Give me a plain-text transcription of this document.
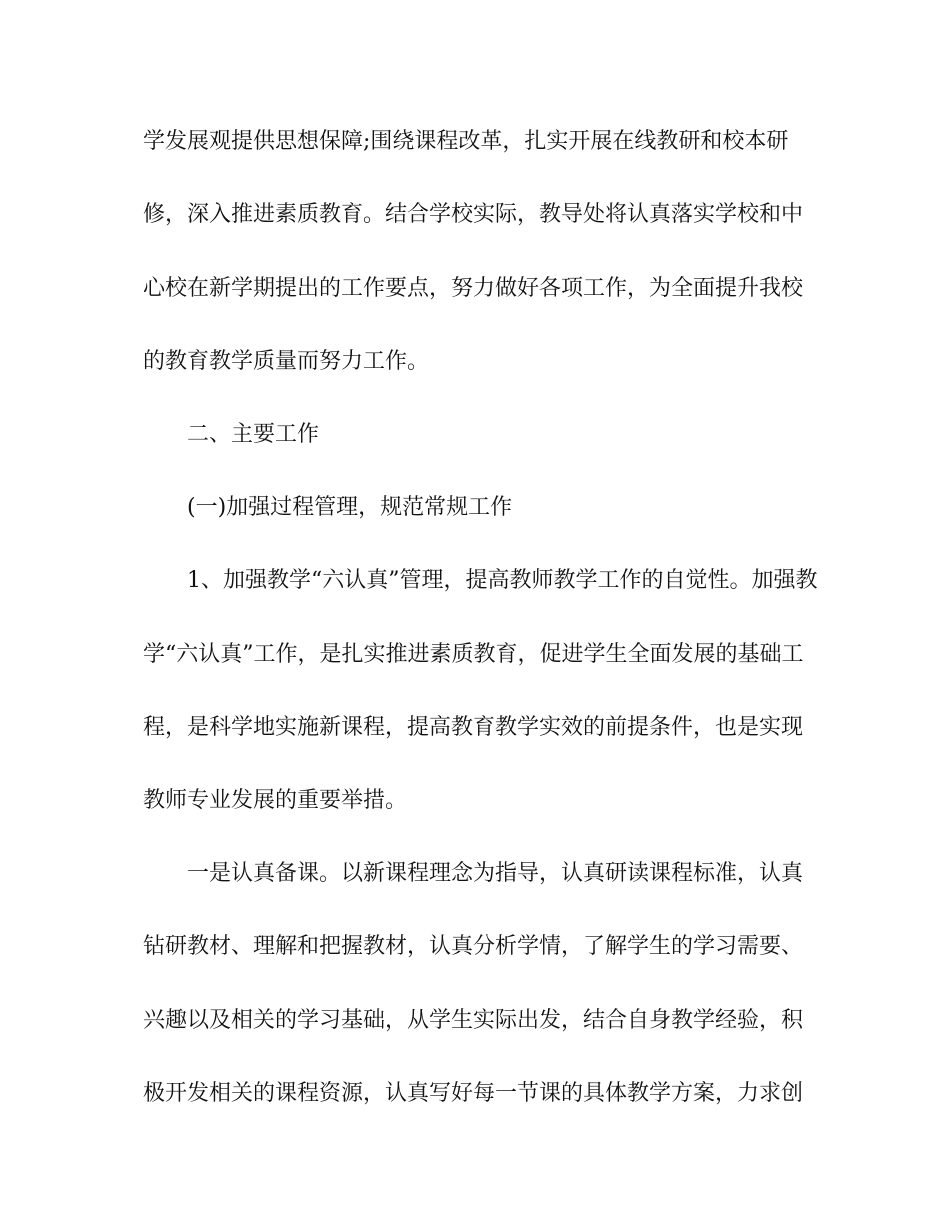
学发展观提供思想保障;围绕课程改革，扎实开展在线教研和校本研
修，深入推进素质教育。结合学校实际，教导处将认真落实学校和中
心校在新学期提出的工作要点，努力做好各项工作，为全面提升我校
的教育教学质量而努力工作。
二、主要工作
(一)加强过程管理，规范常规工作
1、加强教学“六认真”管理，提高教师教学工作的自觉性。加强教
学“六认真”工作，是扎实推进素质教育，促进学生全面发展的基础工
程，是科学地实施新课程，提高教育教学实效的前提条件，也是实现
教师专业发展的重要举措。
一是认真备课。以新课程理念为指导，认真研读课程标准，认真
钻研教材、理解和把握教材，认真分析学情，了解学生的学习需要、
兴趣以及相关的学习基础，从学生实际出发，结合自身教学经验，积
极开发相关的课程资源，认真写好每一节课的具体教学方案，力求创
